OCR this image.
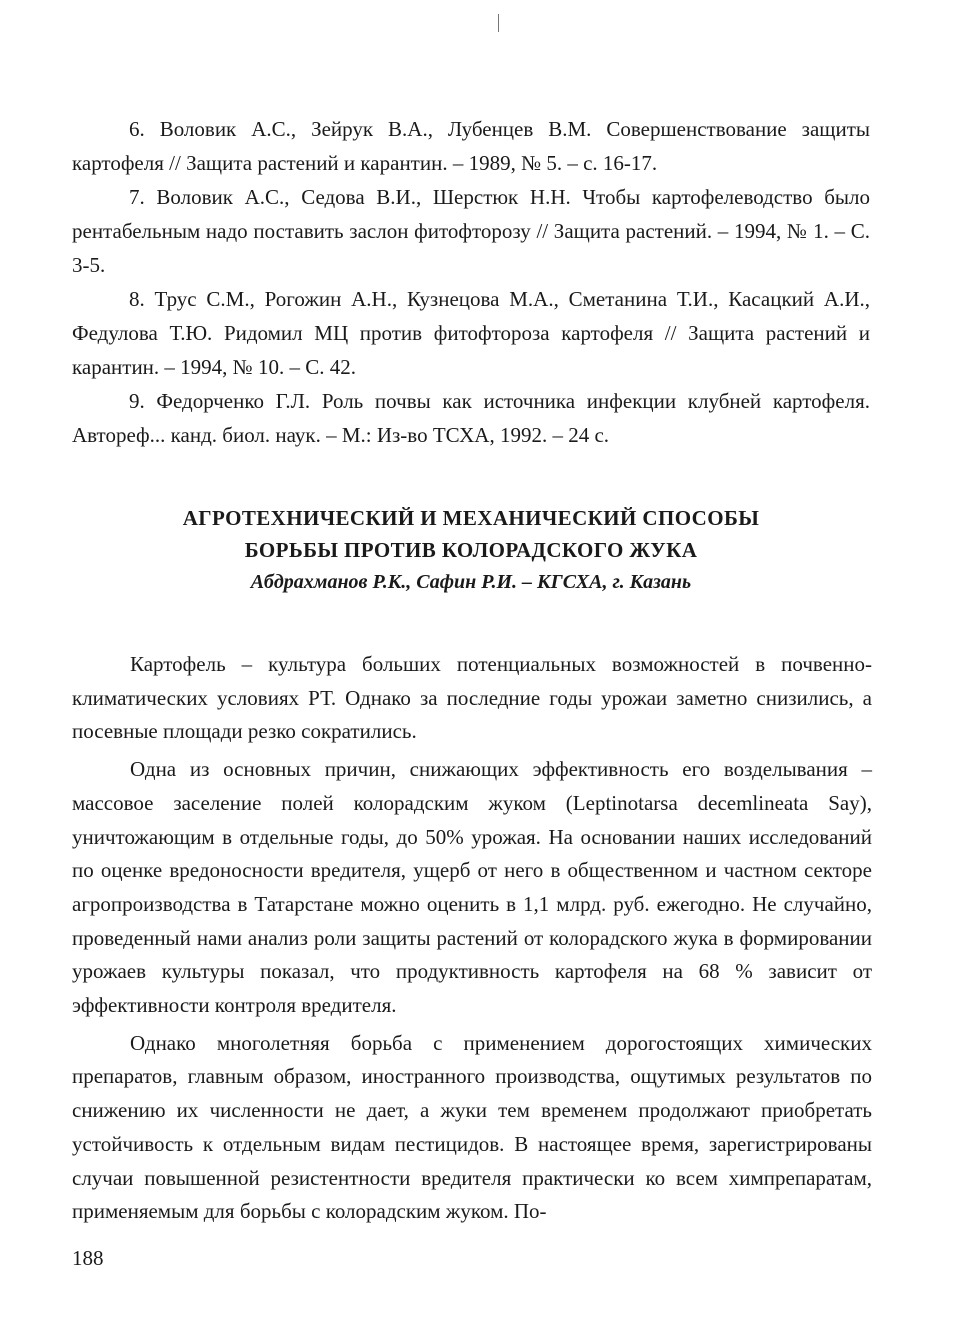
6. Воловик А.С., Зейрук В.А., Лубенцев В.М. Совершенствование защиты картофеля // Защита растений и карантин. – 1989, № 5. – с. 16-17.

7. Воловик А.С., Седова В.И., Шерстюк Н.Н. Чтобы картофелеводство было рентабельным надо поставить заслон фитофторозу // Защита растений. – 1994, № 1. – С. 3-5.

8. Трус С.М., Рогожин А.Н., Кузнецова М.А., Сметанина Т.И., Касацкий А.И., Федулова Т.Ю. Ридомил МЦ против фитофтороза картофеля // Защита растений и карантин. – 1994, № 10. – С. 42.

9. Федорченко Г.Л. Роль почвы как источника инфекции клубней картофеля. Автореф... канд. биол. наук. – М.: Из-во ТСХА, 1992. – 24 с.

АГРОТЕХНИЧЕСКИЙ И МЕХАНИЧЕСКИЙ СПОСОБЫ
БОРЬБЫ ПРОТИВ КОЛОРАДСКОГО ЖУКА
Абдрахманов Р.К., Сафин Р.И. – КГСХА, г. Казань

Картофель – культура больших потенциальных возможностей в почвенно-климатических условиях РТ. Однако за последние годы урожаи заметно снизились, а посевные площади резко сократились.

Одна из основных причин, снижающих эффективность его возделывания – массовое заселение полей колорадским жуком (Leptinotarsa decemlineata Say), уничтожающим в отдельные годы, до 50% урожая. На основании наших исследований по оценке вредоносности вредителя, ущерб от него в общественном и частном секторе агропроизводства в Татарстане можно оценить в 1,1 млрд. руб. ежегодно. Не случайно, проведенный нами анализ роли защиты растений от колорадского жука в формировании урожаев культуры показал, что продуктивность картофеля на 68 % зависит от эффективности контроля вредителя.

Однако многолетняя борьба с применением дорогостоящих химических препаратов, главным образом, иностранного производства, ощутимых результатов по снижению их численности не дает, а жуки тем временем продолжают приобретать устойчивость к отдельным видам пестицидов. В настоящее время, зарегистрированы случаи повышенной резистентности вредителя практически ко всем химпрепаратам, применяемым для борьбы с колорадским жуком. По-

188
